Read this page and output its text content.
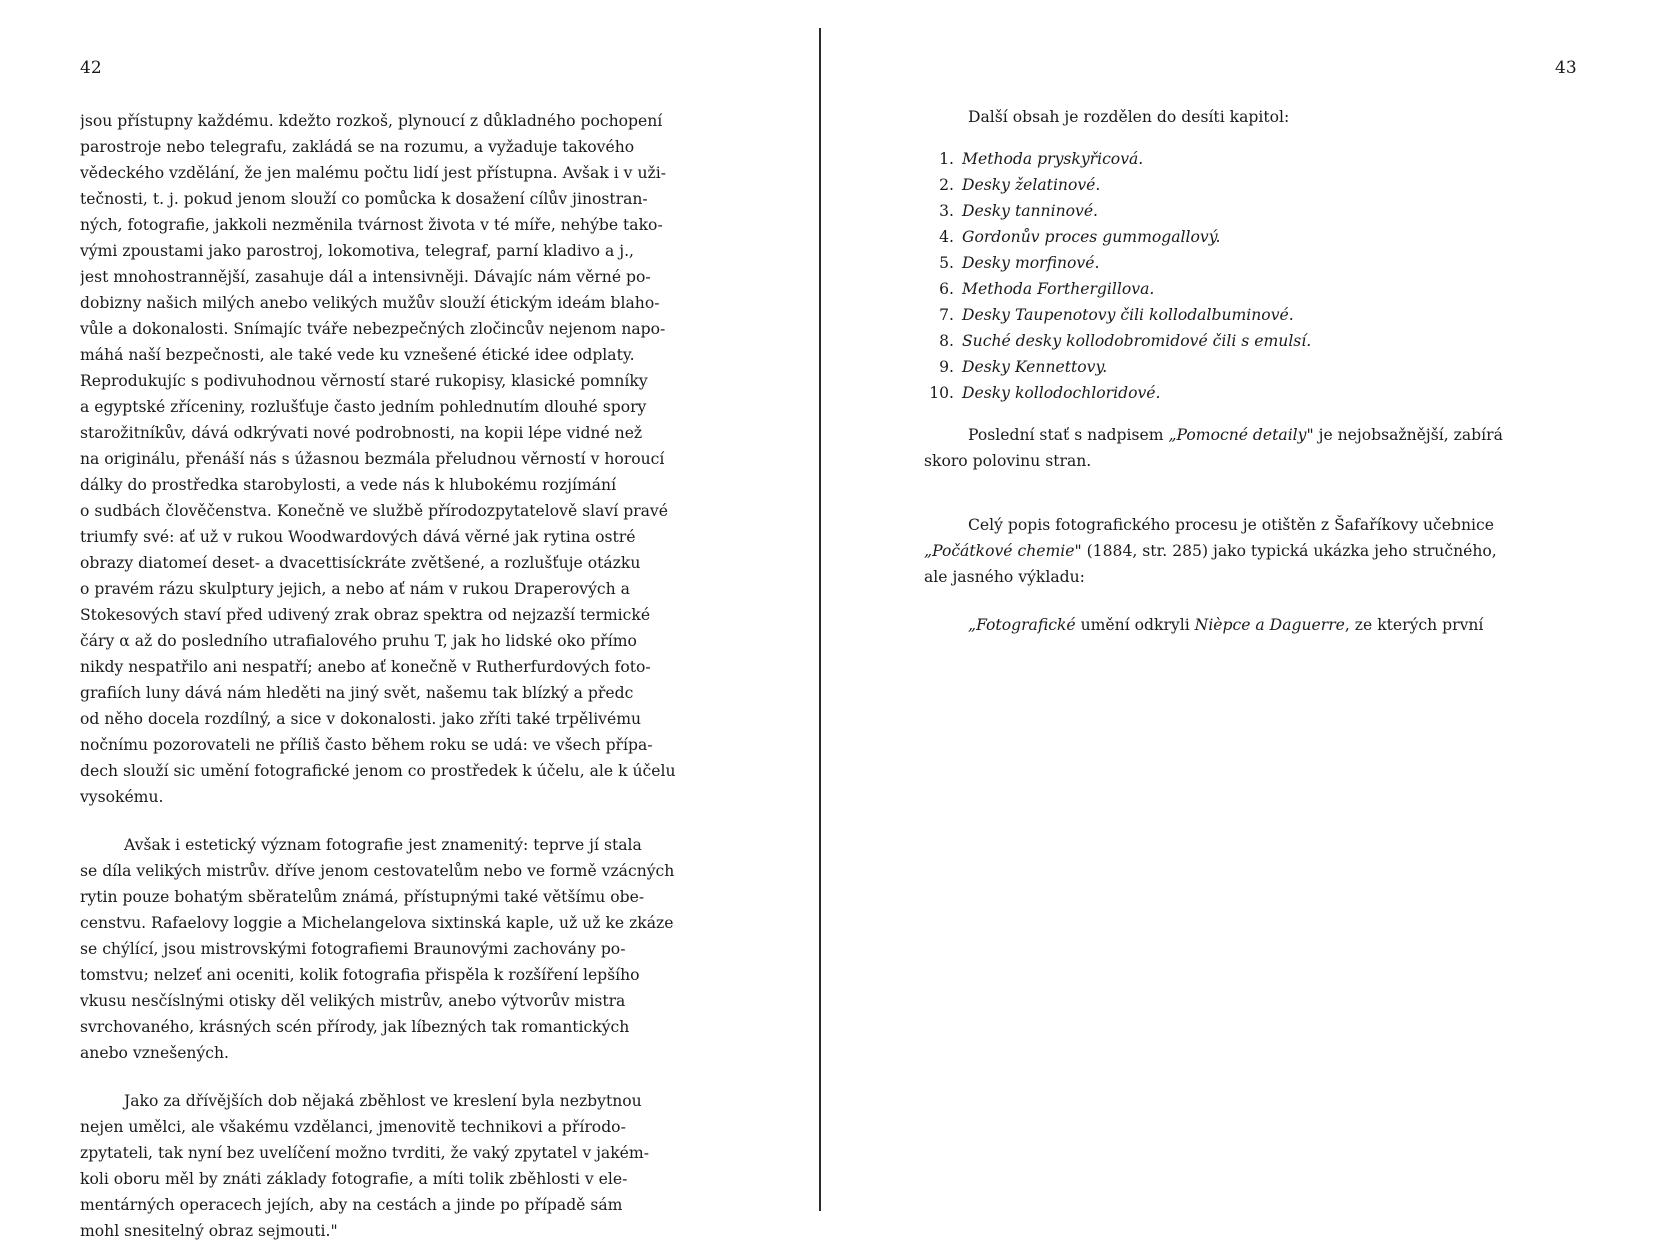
42
jsou přístupny každému. kdežto rozkoš, plynoucí z důkladného pochopení
parostroje nebo telegrafu, zakládá se na rozumu, a vyžaduje takového
vědeckého vzdělání, že jen malému počtu lidí jest přístupna. Avšak i v uži-
tečnosti, t. j. pokud jenom slouží co pomůcka k dosažení cílův jinostran-
ných, fotografie, jakkoli nezměnila tvárnost života v té míře, nehýbe tako-
vými zpoustami jako parostroj, lokomotiva, telegraf, parní kladivo a j.,
jest mnohostrannější, zasahuje dál a intensivněji. Dávajíc nám věrné po-
dobizny našich milých anebo velikých mužův slouží étickým ideám blaho-
vůle a dokonalosti. Snímajíc tváře nebezpečných zločincův nejenom napo-
máhá naší bezpečnosti, ale také vede ku vznešené étické idee odplaty.
Reprodukujíc s podivuhodnou věrností staré rukopisy, klasické pomníky
a egyptské zříceniny, rozlušťuje často jedním pohlednutím dlouhé spory
starožitníkův, dává odkrývati nové podrobnosti, na kopii lépe vidné než
na originálu, přenáší nás s úžasnou bezmála přeludnou věrností v horoucí
dálky do prostředka starobylosti, a vede nás k hlubokému rozjímání
o sudbách člověčenstva. Konečně ve službě přírodozpytatelově slaví pravé
triumfy své: ať už v rukou Woodwardových dává věrné jak rytina ostré
obrazy diatomeí deset- a dvacettisíckráte zvětšené, a rozlušťuje otázku
o pravém rázu skulptury jejich, a nebo ať nám v rukou Draperových a
Stokesových staví před udivený zrak obraz spektra od nejzazší termické
čáry α až do posledního utrafialového pruhu T, jak ho lidské oko přímo
nikdy nespatřilo ani nespatří; anebo ať konečně v Rutherfurdových foto-
grafiích luny dává nám hleděti na jiný svět, našemu tak blízký a předc
od něho docela rozdílný, a sice v dokonalosti. jako zříti také trpělivému
nočnímu pozorovateli ne příliš často během roku se udá: ve všech přípa-
dech slouží sic umění fotografické jenom co prostředek k účelu, ale k účelu
vysokému.
Avšak i estetický význam fotografie jest znamenitý: teprve jí stala
se díla velikých mistrův. dříve jenom cestovatelům nebo ve formě vzácných
rytin pouze bohatým sběratelům známá, přístupnými také většímu obe-
censtvu. Rafaelovy loggie a Michelangelova sixtinská kaple, už už ke zkáze
se chýlící, jsou mistrovskými fotografiemi Braunovými zachovány po-
tomstvu; nelzeť ani oceniti, kolik fotografia přispěla k rozšíření lepšího
vkusu nesčíslnými otisky děl velikých mistrův, anebo výtvorův mistra
svrchovaného, krásných scén přírody, jak líbezných tak romantických
anebo vznešených.
Jako za dřívějších dob nějaká zběhlost ve kreslení byla nezbytnou
nejen umělci, ale všakému vzdělanci, jmenovitě technikovi a přírodo-
zpytateli, tak nyní bez uvelíčení možno tvrditi, že vaký zpytatel v jakém-
koli oboru měl by znáti základy fotografie, a míti tolik zběhlosti v ele-
mentárných operacech jejích, aby na cestách a jinde po případě sám
mohl snesitelný obraz sejmouti."
43
Další obsah je rozdělen do desíti kapitol:
1. Methoda pryskyřicová.
2. Desky želatinové.
3. Desky tanninové.
4. Gordonův proces gummogallový.
5. Desky morfinové.
6. Methoda Forthergillova.
7. Desky Taupenotovy čili kollodalbuminové.
8. Suché desky kollodobromidové čili s emulsí.
9. Desky Kennettovy.
10. Desky kollodochloridové.
Poslední stať s nadpisem „Pomocné detaily" je nejobsažnější, zabírá
skoro polovinu stran.
Celý popis fotografického procesu je otištěn z Šafaříkovy učebnice
„Počátkové chemie" (1884, str. 285) jako typická ukázka jeho stručného,
ale jasného výkladu:
„Fotografické umění odkryli Nièpce a Daguerre, ze kterých první
